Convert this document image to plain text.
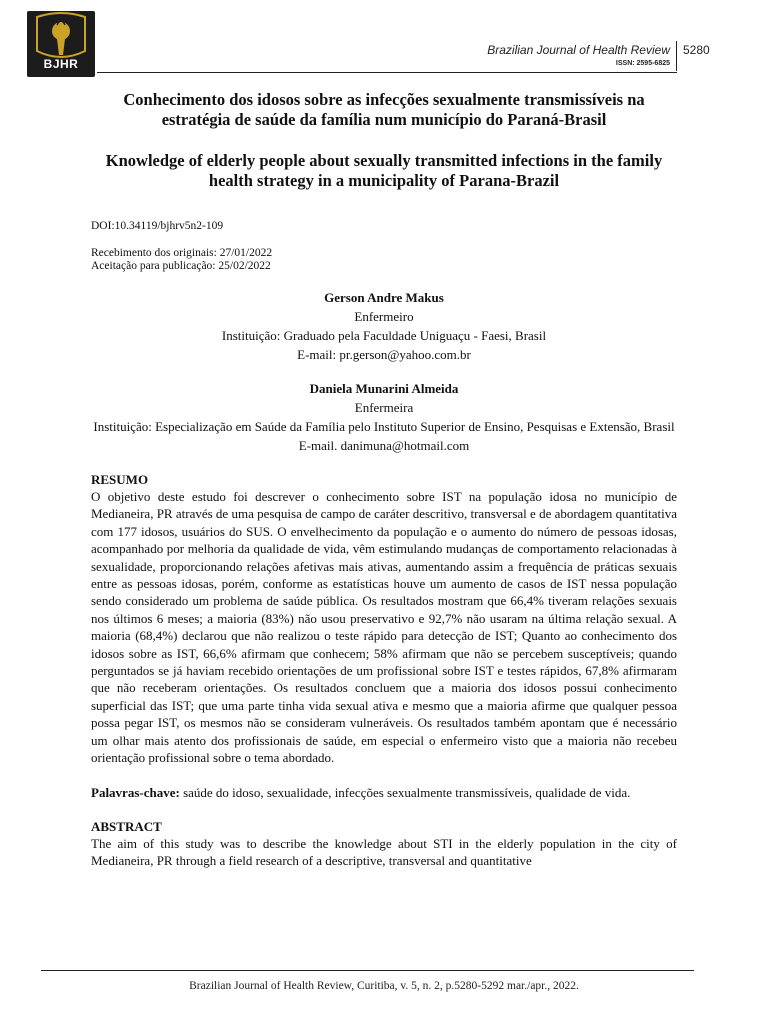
BJHR
Brazilian Journal of Health Review
ISSN: 2595-6825
5280

Conhecimento dos idosos sobre as infecções sexualmente transmissíveis na estratégia de saúde da família num município do Paraná-Brasil

Knowledge of elderly people about sexually transmitted infections in the family health strategy in a municipality of Parana-Brazil

DOI:10.34119/bjhrv5n2-109

Recebimento dos originais: 27/01/2022

Aceitação para publicação: 25/02/2022

Gerson Andre Makus

Enfermeiro

Instituição: Graduado pela Faculdade Uniguaçu - Faesi, Brasil

E-mail: pr.gerson@yahoo.com.br

Daniela Munarini Almeida

Enfermeira

Instituição: Especialização em Saúde da Família pelo Instituto Superior de Ensino, Pesquisas e Extensão, Brasil

E-mail. danimuna@hotmail.com

RESUMO

O objetivo deste estudo foi descrever o conhecimento sobre IST na população idosa no município de Medianeira, PR através de uma pesquisa de campo de caráter descritivo, transversal e de abordagem quantitativa com 177 idosos, usuários do SUS. O envelhecimento da população e o aumento do número de pessoas idosas, acompanhado por melhoria da qualidade de vida, vêm estimulando mudanças de comportamento relacionadas à sexualidade, proporcionando relações afetivas mais ativas, aumentando assim a frequência de práticas sexuais entre as pessoas idosas, porém, conforme as estatísticas houve um aumento de casos de IST nessa população sendo considerado um problema de saúde pública. Os resultados mostram que 66,4% tiveram relações sexuais nos últimos 6 meses; a maioria (83%) não usou preservativo e 92,7% não usaram na última relação sexual. A maioria (68,4%) declarou que não realizou o teste rápido para detecção de IST; Quanto ao conhecimento dos idosos sobre as IST, 66,6% afirmam que conhecem; 58% afirmam que não se percebem susceptíveis; quando perguntados se já haviam recebido orientações de um profissional sobre IST e testes rápidos, 67,8% afirmaram que não receberam orientações. Os resultados concluem que a maioria dos idosos possui conhecimento superficial das IST; que uma parte tinha vida sexual ativa e mesmo que a maioria afirme que qualquer pessoa possa pegar IST, os mesmos não se consideram vulneráveis. Os resultados também apontam que é necessário um olhar mais atento dos profissionais de saúde, em especial o enfermeiro visto que a maioria não recebeu orientação profissional sobre o tema abordado.

Palavras-chave: saúde do idoso, sexualidade, infecções sexualmente transmissíveis, qualidade de vida.

ABSTRACT

The aim of this study was to describe the knowledge about STI in the elderly population in the city of Medianeira, PR through a field research of a descriptive, transversal and quantitative

Brazilian Journal of Health Review, Curitiba, v. 5, n. 2, p.5280-5292 mar./apr., 2022.
